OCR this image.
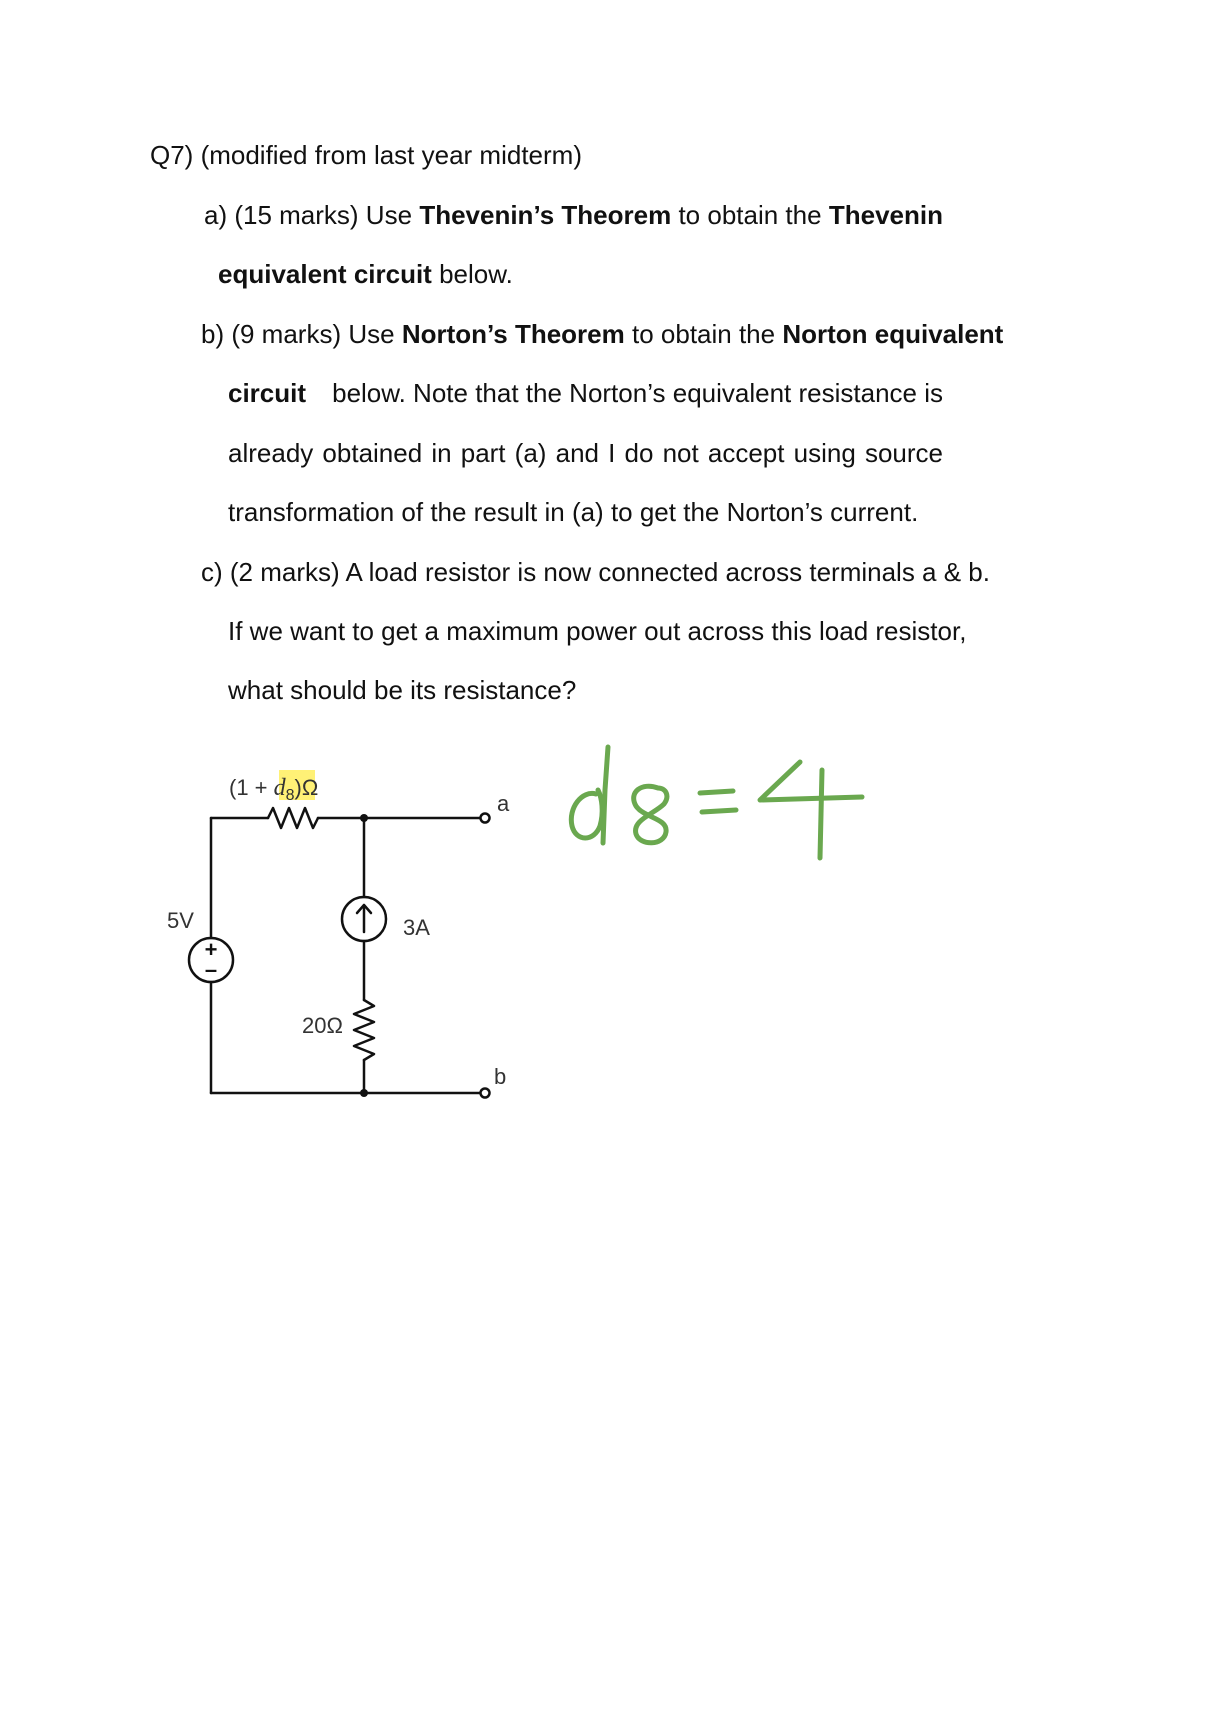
Q7) (modified from last year midterm)
a) (15 marks) Use Thevenin’s Theorem to obtain the Thevenin
equivalent circuit below.
b) (9 marks) Use Norton’s Theorem to obtain the Norton equivalent
circuit below. Note that the Norton’s equivalent resistance is
already obtained in part (a) and I do not accept using source
transformation of the result in (a) to get the Norton’s current.
c) (2 marks) A load resistor is now connected across terminals a & b.
If we want to get a maximum power out across this load resistor,
what should be its resistance?
$(1 + d_8)\Omega$
+
–
5V	3A
20Ω
a
b
